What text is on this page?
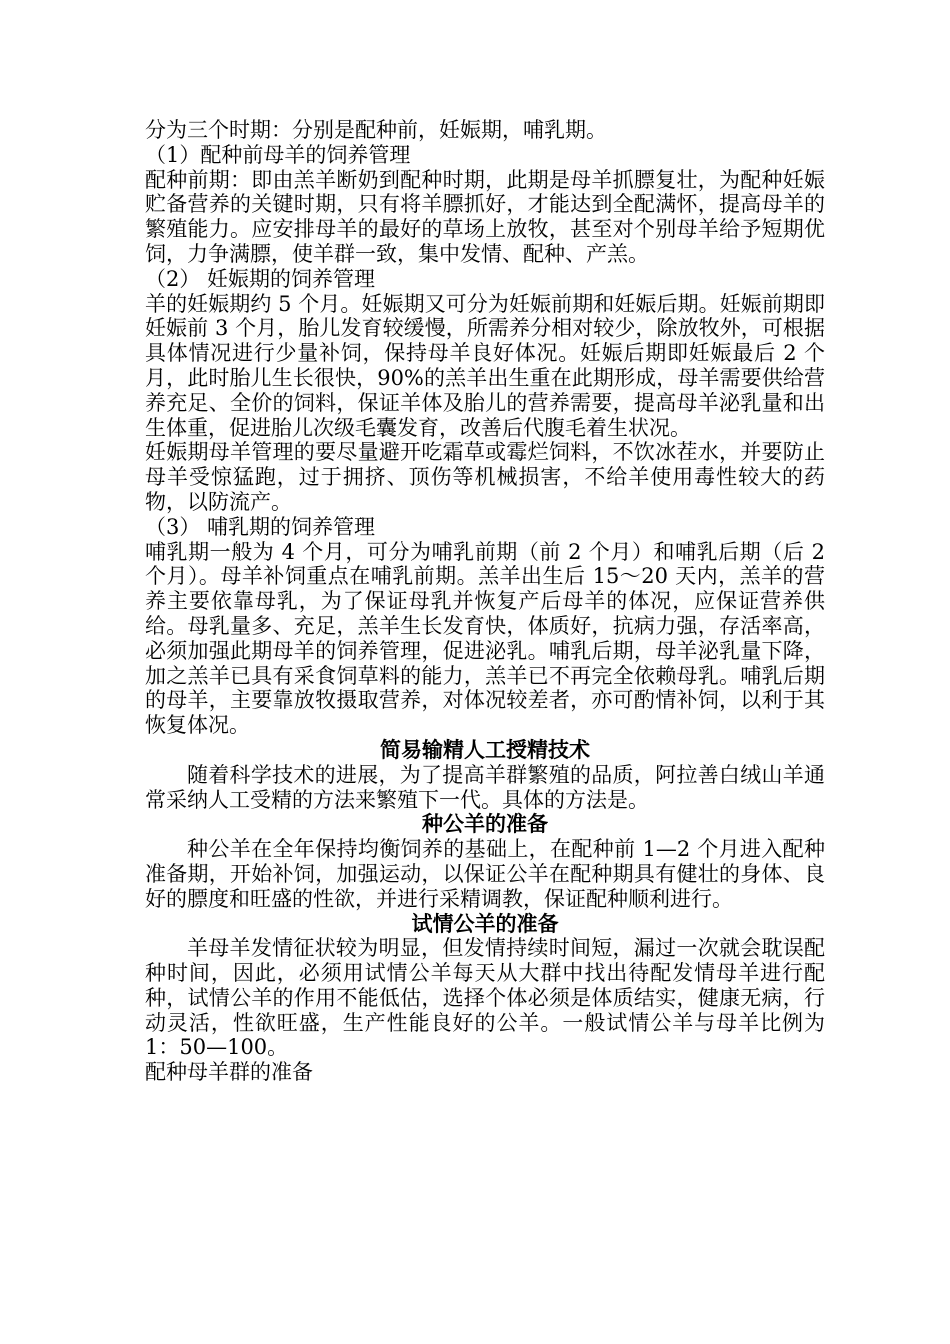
分为三个时期：分别是配种前，妊娠期，哺乳期。

（1）配种前母羊的饲养管理

配种前期：即由羔羊断奶到配种时期，此期是母羊抓膘复壮，为配种妊娠贮备营养的关键时期，只有将羊膘抓好，才能达到全配满怀，提高母羊的繁殖能力。应安排母羊的最好的草场上放牧，甚至对个别母羊给予短期优饲，力争满膘，使羊群一致，集中发情、配种、产羔。

（2） 妊娠期的饲养管理

羊的妊娠期约 5 个月。妊娠期又可分为妊娠前期和妊娠后期。妊娠前期即妊娠前 3 个月，胎儿发育较缓慢，所需养分相对较少，除放牧外，可根据具体情况进行少量补饲，保持母羊良好体况。妊娠后期即妊娠最后 2 个月，此时胎儿生长很快，90%的羔羊出生重在此期形成，母羊需要供给营养充足、全价的饲料，保证羊体及胎儿的营养需要，提高母羊泌乳量和出生体重，促进胎儿次级毛囊发育，改善后代腹毛着生状况。

妊娠期母羊管理的要尽量避开吃霜草或霉烂饲料，不饮冰茬水，并要防止母羊受惊猛跑，过于拥挤、顶伤等机械损害，不给羊使用毒性较大的药物，以防流产。

（3） 哺乳期的饲养管理

哺乳期一般为 4 个月，可分为哺乳前期（前 2 个月）和哺乳后期（后 2 个月）。母羊补饲重点在哺乳前期。羔羊出生后 15～20 天内，羔羊的营养主要依靠母乳，为了保证母乳并恢复产后母羊的体况，应保证营养供给。母乳量多、充足，羔羊生长发育快，体质好，抗病力强，存活率高，必须加强此期母羊的饲养管理，促进泌乳。哺乳后期，母羊泌乳量下降，加之羔羊已具有采食饲草料的能力，羔羊已不再完全依赖母乳。哺乳后期的母羊，主要靠放牧摄取营养，对体况较差者，亦可酌情补饲，以利于其恢复体况。

简易输精人工授精技术

随着科学技术的进展，为了提高羊群繁殖的品质，阿拉善白绒山羊通常采纳人工受精的方法来繁殖下一代。具体的方法是。

种公羊的准备

种公羊在全年保持均衡饲养的基础上，在配种前 1—2 个月进入配种准备期，开始补饲，加强运动，以保证公羊在配种期具有健壮的身体、良好的膘度和旺盛的性欲，并进行采精调教，保证配种顺利进行。

试情公羊的准备

羊母羊发情征状较为明显，但发情持续时间短，漏过一次就会耽误配种时间，因此，必须用试情公羊每天从大群中找出待配发情母羊进行配种，试情公羊的作用不能低估，选择个体必须是体质结实，健康无病，行动灵活，性欲旺盛，生产性能良好的公羊。一般试情公羊与母羊比例为 1：50—100。

配种母羊群的准备
